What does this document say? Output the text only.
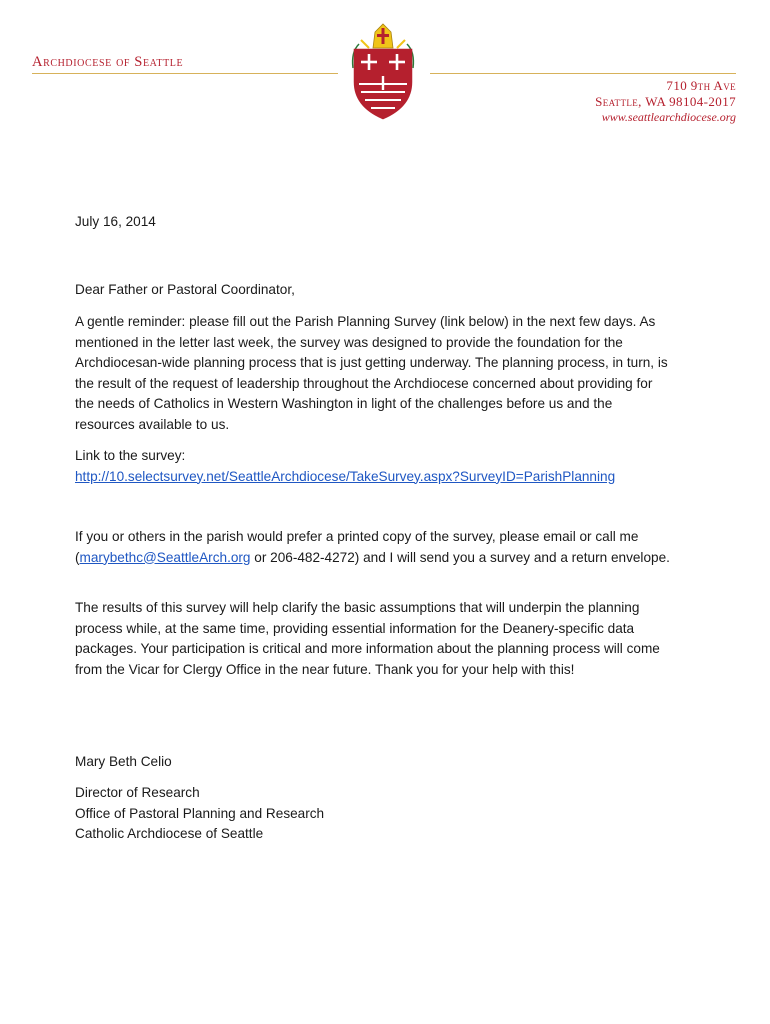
Archdiocese of Seattle
710 9th Ave
Seattle, WA 98104-2017
www.seattlearchdiocese.org
July 16, 2014
Dear Father or Pastoral Coordinator,

A gentle reminder: please fill out the Parish Planning Survey (link below) in the next few days. As mentioned in the letter last week, the survey was designed to provide the foundation for the Archdiocesan-wide planning process that is just getting underway. The planning process, in turn, is the result of the request of leadership throughout the Archdiocese concerned about providing for the needs of Catholics in Western Washington in light of the challenges before us and the resources available to us.

Link to the survey:

http://10.selectsurvey.net/SeattleArchdiocese/TakeSurvey.aspx?SurveyID=ParishPlanning

If you or others in the parish would prefer a printed copy of the survey, please email or call me (marybethc@SeattleArch.org or 206-482-4272) and I will send you a survey and a return envelope.

The results of this survey will help clarify the basic assumptions that will underpin the planning process while, at the same time, providing essential information for the Deanery-specific data packages. Your participation is critical and more information about the planning process will come from the Vicar for Clergy Office in the near future. Thank you for your help with this!

Mary Beth Celio

Director of Research

Office of Pastoral Planning and Research

Catholic Archdiocese of Seattle
